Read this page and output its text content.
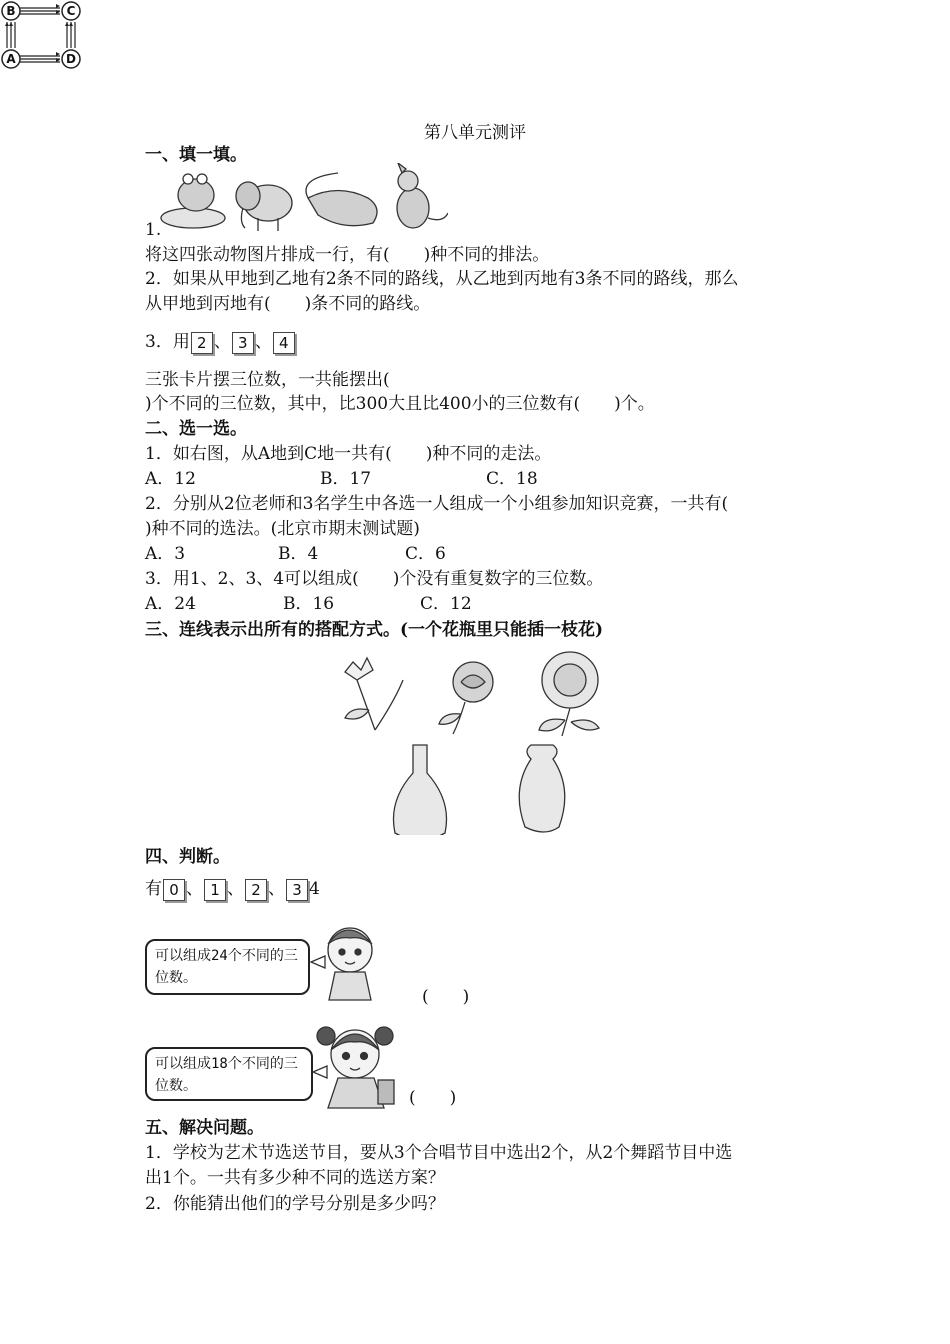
B	C
A	D
第八单元测评
一、填一填。
1.
将这四张动物图片排成一行，有(　　)种不同的排法。
2．如果从甲地到乙地有2条不同的路线，从乙地到丙地有3条不同的路线，那么
从甲地到丙地有(　　)条不同的路线。
3．用 2 、 3 、 4
三张卡片摆三位数，一共能摆出(
)个不同的三位数，其中，比300大且比400小的三位数有(　　)个。
二、选一选。
1．如右图，从A地到C地一共有(　　)种不同的走法。
A．12	B．17	C．18
2．分别从2位老师和3名学生中各选一人组成一个小组参加知识竞赛，一共有(
)种不同的选法。(北京市期末测试题)
A．3	B．4	C．6
3．用1、2、3、4可以组成(　　)个没有重复数字的三位数。
A．24	B．16	C．12
三、连线表示出所有的搭配方式。(一个花瓶里只能插一枝花)
四、判断。
有 0 、 1 、 2 、 3 4
可以组成24个不同的三位数。
(　　)
可以组成18个不同的三位数。
(　　)
五、解决问题。
1．学校为艺术节选送节目，要从3个合唱节目中选出2个，从2个舞蹈节目中选
出1个。一共有多少种不同的选送方案？
2．你能猜出他们的学号分别是多少吗？
